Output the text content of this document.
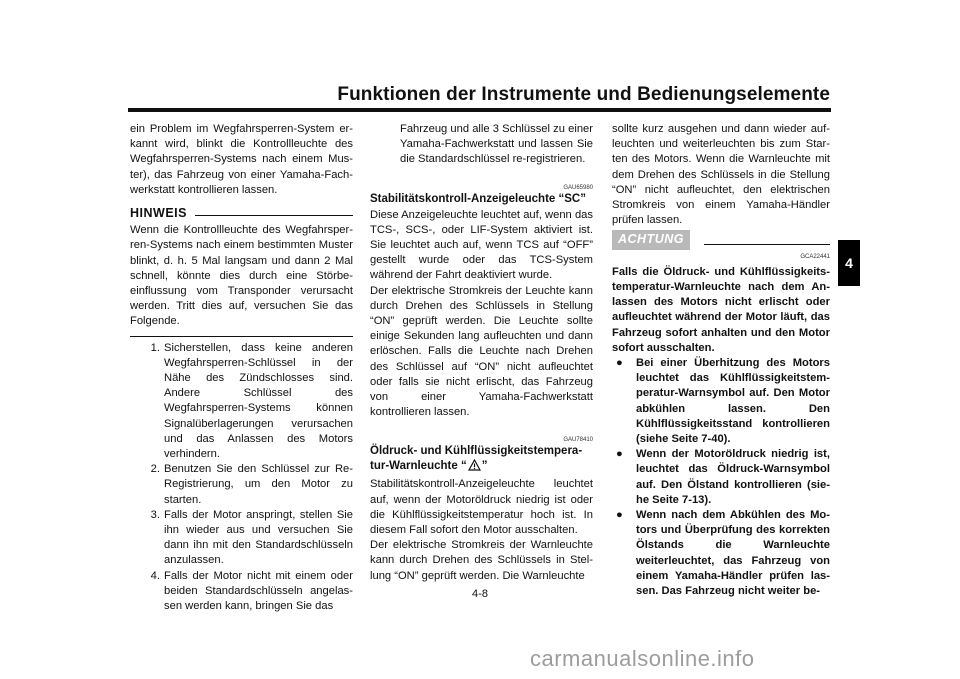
Funktionen der Instrumente und Bedienungselemente
4

ein Problem im Wegfahrsperren-System erkannt wird, blinkt die Kontrollleuchte des Wegfahrsperren-Systems nach einem Muster), das Fahrzeug von einer Yamaha-Fachwerkstatt kontrollieren lassen.

HINWEIS

Wenn die Kontrollleuchte des Wegfahrsperren-Systems nach einem bestimmten Muster blinkt, d. h. 5 Mal langsam und dann 2 Mal schnell, könnte dies durch eine Störbeeinflussung vom Transponder verursacht werden. Tritt dies auf, versuchen Sie das Folgende.

1. Sicherstellen, dass keine anderen Wegfahrsperren-Schlüssel in der Nähe des Zündschlosses sind. Andere Schlüssel des Wegfahrsperren-Systems können Signalüberlagerungen verursachen und das Anlassen des Motors verhindern.
2. Benutzen Sie den Schlüssel zur Re-Registrierung, um den Motor zu starten.
3. Falls der Motor anspringt, stellen Sie ihn wieder aus und versuchen Sie dann ihn mit den Standardschlüsseln anzulassen.
4. Falls der Motor nicht mit einem oder beiden Standardschlüsseln angelassen werden kann, bringen Sie das

Fahrzeug und alle 3 Schlüssel zu einer Yamaha-Fachwerkstatt und lassen Sie die Standardschlüssel re-registrieren.

GAU65980
Stabilitätskontroll-Anzeigeleuchte “SC”

Diese Anzeigeleuchte leuchtet auf, wenn das TCS-, SCS-, oder LIF-System aktiviert ist. Sie leuchtet auch auf, wenn TCS auf “OFF” gestellt wurde oder das TCS-System während der Fahrt deaktiviert wurde.

Der elektrische Stromkreis der Leuchte kann durch Drehen des Schlüssels in Stellung “ON” geprüft werden. Die Leuchte sollte einige Sekunden lang aufleuchten und dann erlöschen. Falls die Leuchte nach Drehen des Schlüssel auf “ON” nicht aufleuchtet oder falls sie nicht erlischt, das Fahrzeug von einer Yamaha-Fachwerkstatt kontrollieren lassen.

GAU78410
Öldruck- und Kühlflüssigkeitstemperatur-Warnleuchte “ ”

Stabilitätskontroll-Anzeigeleuchte leuchtet auf, wenn der Motoröldruck niedrig ist oder die Kühlflüssigkeitstemperatur hoch ist. In diesem Fall sofort den Motor ausschalten.

Der elektrische Stromkreis der Warnleuchte kann durch Drehen des Schlüssels in Stellung “ON” geprüft werden. Die Warnleuchte

sollte kurz ausgehen und dann wieder aufleuchten und weiterleuchten bis zum Starten des Motors. Wenn die Warnleuchte mit dem Drehen des Schlüssels in die Stellung “ON” nicht aufleuchtet, den elektrischen Stromkreis von einem Yamaha-Händler prüfen lassen.

ACHTUNG
GCA22441

Falls die Öldruck- und Kühlflüssigkeitstemperatur-Warnleuchte nach dem Anlassen des Motors nicht erlischt oder aufleuchtet während der Motor läuft, das Fahrzeug sofort anhalten und den Motor sofort ausschalten.

●	Bei einer Überhitzung des Motors leuchtet das Kühlflüssigkeitstemperatur-Warnsymbol auf. Den Motor abkühlen lassen. Den Kühlflüssigkeitsstand kontrollieren (siehe Seite 7-40).
●	Wenn der Motoröldruck niedrig ist, leuchtet das Öldruck-Warnsymbol auf. Den Ölstand kontrollieren (siehe Seite 7-13).
●	Wenn nach dem Abkühlen des Motors und Überprüfung des korrekten Ölstands die Warnleuchte weiterleuchtet, das Fahrzeug von einem Yamaha-Händler prüfen lassen. Das Fahrzeug nicht weiter be-
4-8
carmanualsonline.info
